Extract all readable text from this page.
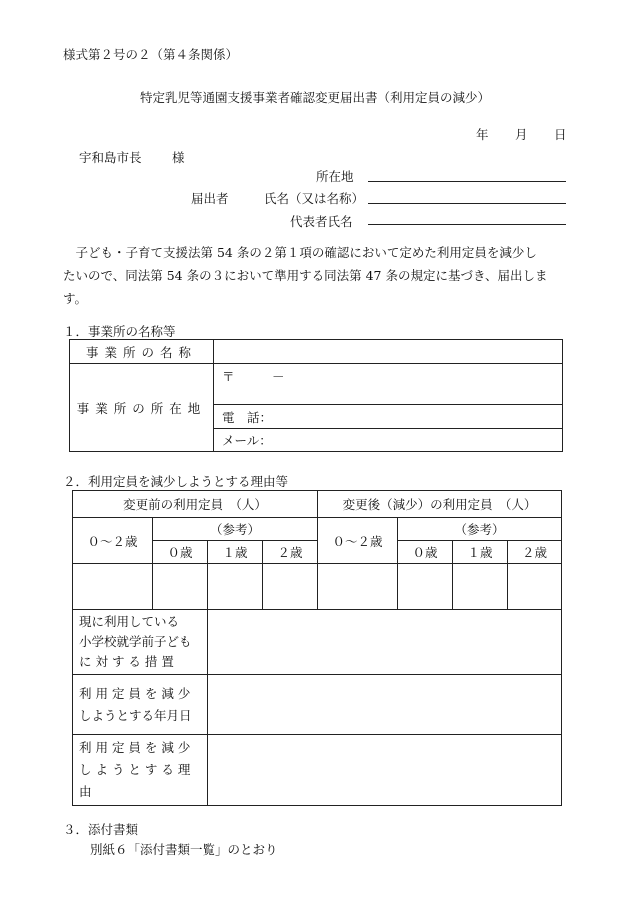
様式第２号の２（第４条関係）
特定乳児等通園支援事業者確認変更届出書（利用定員の減少）
年 月 日
宇和島市長 様
所在地
届出者	氏名（又は名称）
代表者氏名
　子ども・子育て支援法第 54 条の２第１項の確認において定めた利用定員を減少し
たいので、同法第 54 条の３において準用する同法第 47 条の規定に基づき、届出しま
す。
１．事業所の名称等
事業所の名称	
事業所の所在地	〒　　　－
	電　話：
	メール：
２．利用定員を減少しようとする理由等
変更前の利用定員　（人）				変更後（減少）の利用定員　（人）			
０～２歳	（参考）			０～２歳	（参考）		
	０歳	１歳	２歳		０歳	１歳	２歳

現に利用している
小学校就学前子ども
に 対 す る 措 置							

利 用 定 員 を 減 少
しようとする年月日							

利 用 定 員 を 減 少
し よ う と す る 理 由							

３．添付書類
別紙６「添付書類一覧」のとおり
